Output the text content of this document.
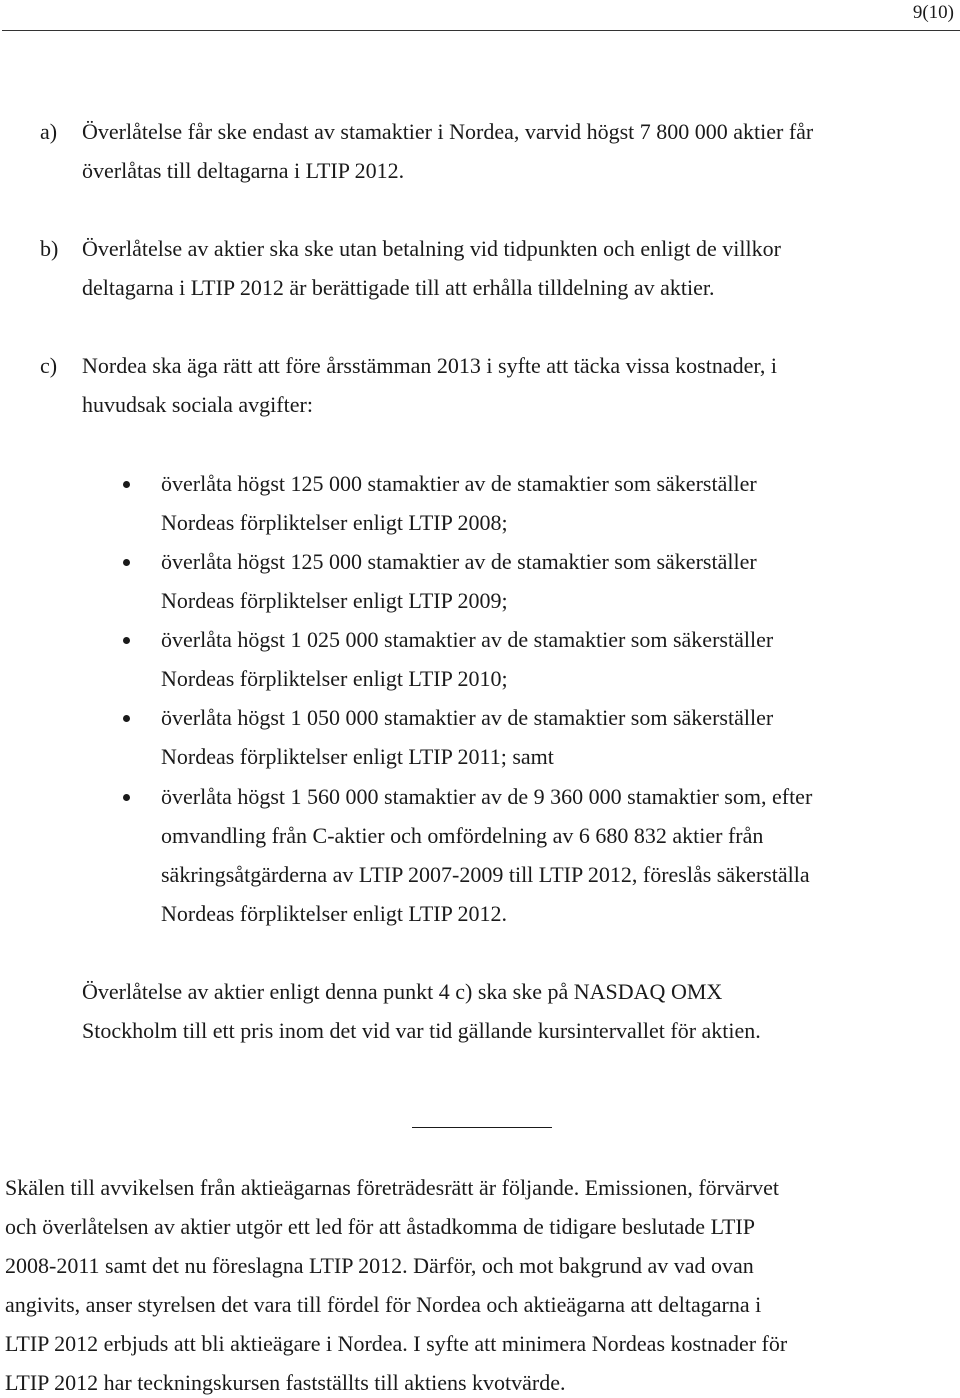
9(10)
a) Överlåtelse får ske endast av stamaktier i Nordea, varvid högst 7 800 000 aktier får
överlåtas till deltagarna i LTIP 2012.
b) Överlåtelse av aktier ska ske utan betalning vid tidpunkten och enligt de villkor
deltagarna i LTIP 2012 är berättigade till att erhålla tilldelning av aktier.
c) Nordea ska äga rätt att före årsstämman 2013 i syfte att täcka vissa kostnader, i
huvudsak sociala avgifter:
överlåta högst 125 000 stamaktier av de stamaktier som säkerställer
Nordeas förpliktelser enligt LTIP 2008;
överlåta högst 125 000 stamaktier av de stamaktier som säkerställer
Nordeas förpliktelser enligt LTIP 2009;
överlåta högst 1 025 000 stamaktier av de stamaktier som säkerställer
Nordeas förpliktelser enligt LTIP 2010;
överlåta högst 1 050 000 stamaktier av de stamaktier som säkerställer
Nordeas förpliktelser enligt LTIP 2011; samt
överlåta högst 1 560 000 stamaktier av de 9 360 000 stamaktier som, efter
omvandling från C-aktier och omfördelning av 6 680 832 aktier från
säkringsåtgärderna av LTIP 2007-2009 till LTIP 2012, föreslås säkerställa
Nordeas förpliktelser enligt LTIP 2012.
Överlåtelse av aktier enligt denna punkt 4 c) ska ske på NASDAQ OMX
Stockholm till ett pris inom det vid var tid gällande kursintervallet för aktien.
Skälen till avvikelsen från aktieägarnas företrädesrätt är följande. Emissionen, förvärvet
och överlåtelsen av aktier utgör ett led för att åstadkomma de tidigare beslutade LTIP
2008-2011 samt det nu föreslagna LTIP 2012. Därför, och mot bakgrund av vad ovan
angivits, anser styrelsen det vara till fördel för Nordea och aktieägarna att deltagarna i
LTIP 2012 erbjuds att bli aktieägare i Nordea. I syfte att minimera Nordeas kostnader för
LTIP 2012 har teckningskursen fastställts till aktiens kvotvärde.
